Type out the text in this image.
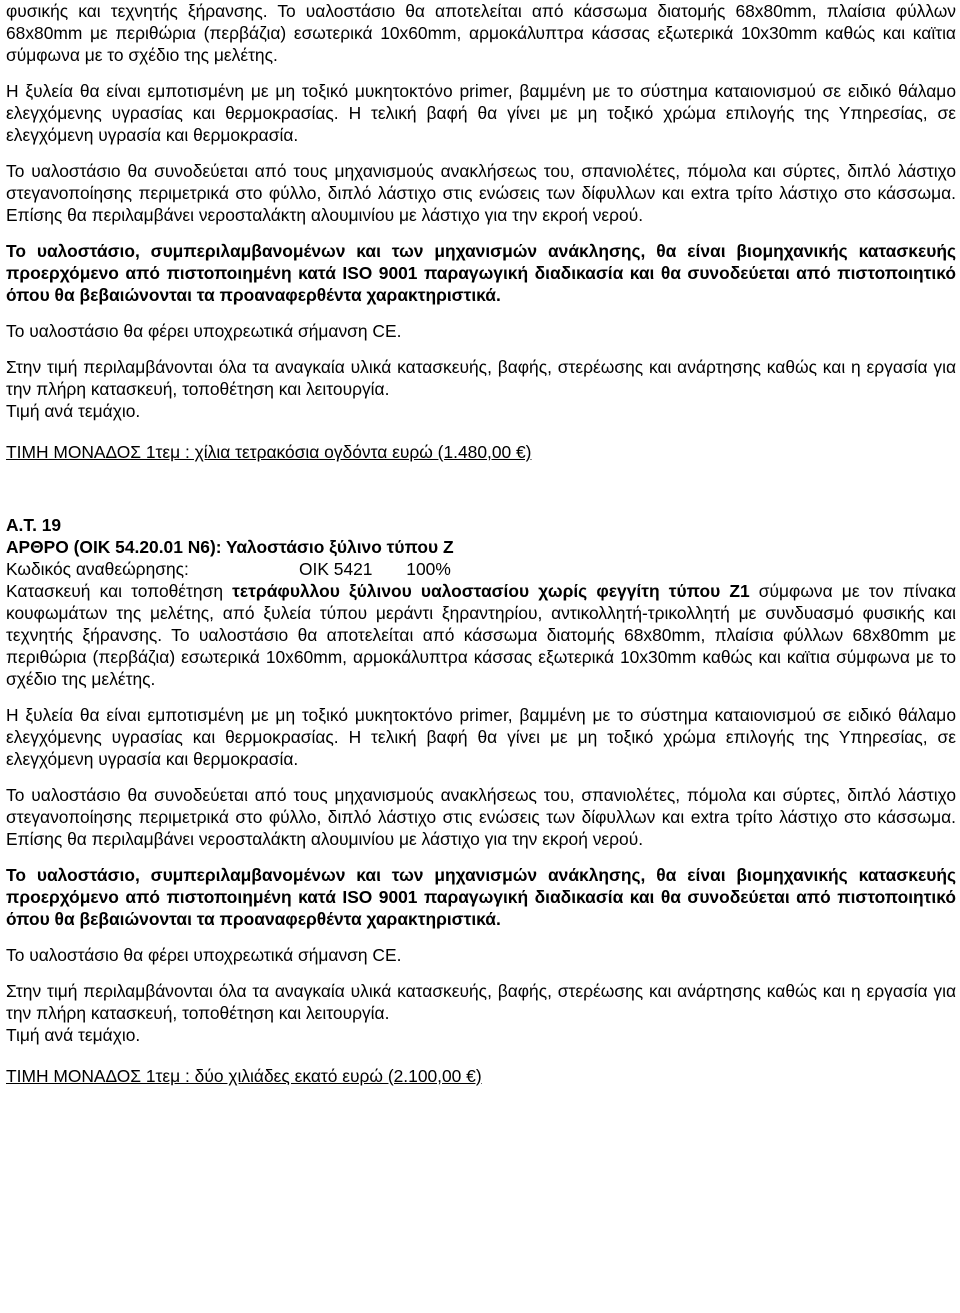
φυσικής και τεχνητής ξήρανσης. Το υαλοστάσιο θα αποτελείται από κάσσωμα διατομής 68x80mm, πλαίσια φύλλων 68x80mm με περιθώρια (περβάζια) εσωτερικά 10x60mm, αρμοκάλυπτρα κάσσας εξωτερικά 10x30mm καθώς και καϊτια σύμφωνα με το σχέδιο της μελέτης.

Η ξυλεία θα είναι εμποτισμένη με μη τοξικό μυκητοκτόνο primer, βαμμένη με το σύστημα καταιονισμού σε ειδικό θάλαμο ελεγχόμενης υγρασίας και θερμοκρασίας. Η τελική βαφή θα γίνει με μη τοξικό χρώμα επιλογής της Υπηρεσίας, σε ελεγχόμενη υγρασία και θερμοκρασία.

Το υαλοστάσιο θα συνοδεύεται από τους μηχανισμούς ανακλήσεως του, σπανιολέτες, πόμολα και σύρτες, διπλό λάστιχο στεγανοποίησης περιμετρικά στο φύλλο, διπλό λάστιχο στις ενώσεις των δίφυλλων και extra τρίτο λάστιχο στο κάσσωμα. Επίσης θα περιλαμβάνει νεροσταλάκτη αλουμινίου με λάστιχο για την εκροή νερού.

Το υαλοστάσιο, συμπεριλαμβανομένων και των μηχανισμών ανάκλησης, θα είναι βιομηχανικής κατασκευής προερχόμενο από πιστοποιημένη κατά ISO 9001 παραγωγική διαδικασία και θα συνοδεύεται από πιστοποιητικό όπου θα βεβαιώνονται τα προαναφερθέντα χαρακτηριστικά.

Το υαλοστάσιο θα φέρει υποχρεωτικά σήμανση CE.

Στην τιμή περιλαμβάνονται όλα τα αναγκαία υλικά κατασκευής, βαφής, στερέωσης και ανάρτησης καθώς και η εργασία για την πλήρη κατασκευή, τοποθέτηση και λειτουργία.

Τιμή ανά τεμάχιο.

ΤΙΜΗ ΜΟΝΑΔΟΣ 1τεμ : χίλια τετρακόσια ογδόντα ευρώ (1.480,00 €)

Α.Τ. 19

ΑΡΘΡΟ (ΟΙΚ 54.20.01 Ν6): Υαλοστάσιο ξύλινο τύπου Ζ

Κωδικός αναθεώρησης:	ΟΙΚ 5421       100%

Κατασκευή και τοποθέτηση τετράφυλλου ξύλινου υαλοστασίου χωρίς φεγγίτη τύπου Ζ1 σύμφωνα με τον πίνακα κουφωμάτων της μελέτης, από ξυλεία τύπου μεράντι ξηραντηρίου, αντικολλητή-τρικολλητή με συνδυασμό φυσικής και τεχνητής ξήρανσης. Το υαλοστάσιο θα αποτελείται από κάσσωμα διατομής 68x80mm, πλαίσια φύλλων 68x80mm με περιθώρια (περβάζια) εσωτερικά 10x60mm, αρμοκάλυπτρα κάσσας εξωτερικά 10x30mm καθώς και καϊτια σύμφωνα με το σχέδιο της μελέτης.

Η ξυλεία θα είναι εμποτισμένη με μη τοξικό μυκητοκτόνο primer, βαμμένη με το σύστημα καταιονισμού σε ειδικό θάλαμο ελεγχόμενης υγρασίας και θερμοκρασίας. Η τελική βαφή θα γίνει με μη τοξικό χρώμα επιλογής της Υπηρεσίας, σε ελεγχόμενη υγρασία και θερμοκρασία.

Το υαλοστάσιο θα συνοδεύεται από τους μηχανισμούς ανακλήσεως του, σπανιολέτες, πόμολα και σύρτες, διπλό λάστιχο στεγανοποίησης περιμετρικά στο φύλλο, διπλό λάστιχο στις ενώσεις των δίφυλλων και extra τρίτο λάστιχο στο κάσσωμα. Επίσης θα περιλαμβάνει νεροσταλάκτη αλουμινίου με λάστιχο για την εκροή νερού.

Το υαλοστάσιο, συμπεριλαμβανομένων και των μηχανισμών ανάκλησης, θα είναι βιομηχανικής κατασκευής προερχόμενο από πιστοποιημένη κατά ISO 9001 παραγωγική διαδικασία και θα συνοδεύεται από πιστοποιητικό όπου θα βεβαιώνονται τα προαναφερθέντα χαρακτηριστικά.

Το υαλοστάσιο θα φέρει υποχρεωτικά σήμανση CE.

Στην τιμή περιλαμβάνονται όλα τα αναγκαία υλικά κατασκευής, βαφής, στερέωσης και ανάρτησης καθώς και η εργασία για την πλήρη κατασκευή, τοποθέτηση και λειτουργία.

Τιμή ανά τεμάχιο.

ΤΙΜΗ ΜΟΝΑΔΟΣ 1τεμ : δύο χιλιάδες εκατό ευρώ (2.100,00 €)
